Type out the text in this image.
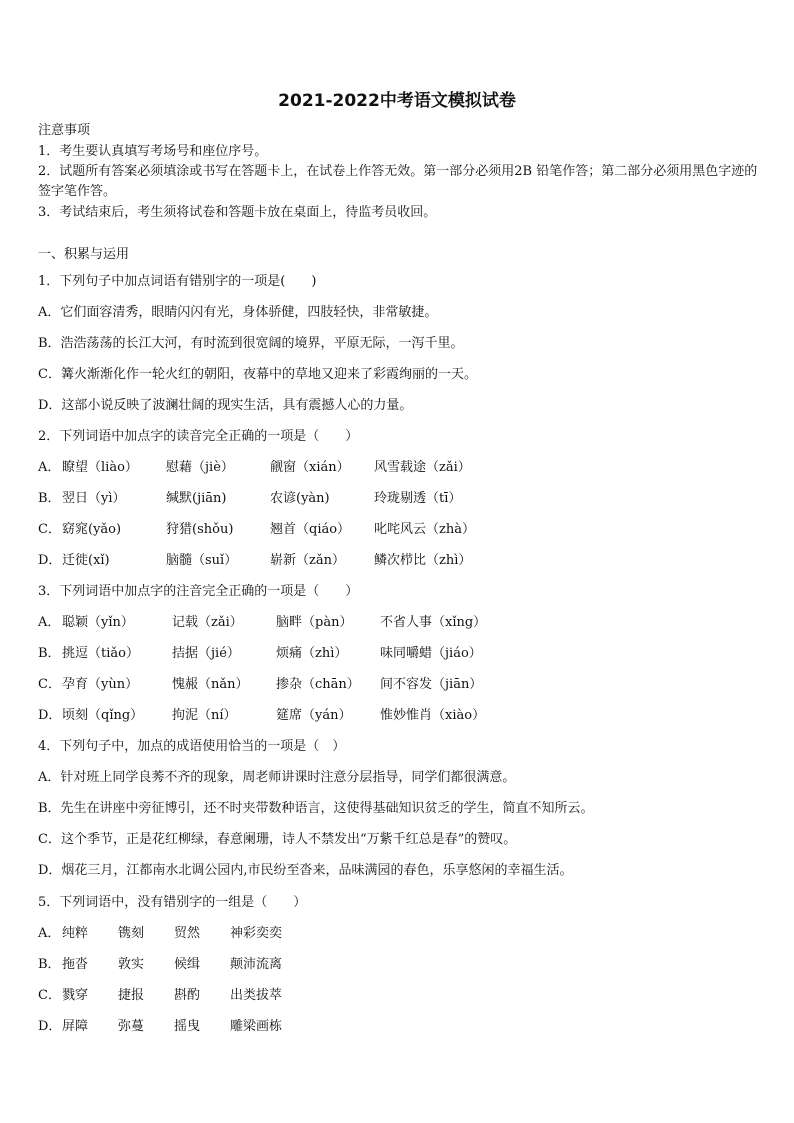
2021-2022中考语文模拟试卷
注意事项
1．考生要认真填写考场号和座位序号。
2．试题所有答案必须填涂或书写在答题卡上，在试卷上作答无效。第一部分必须用2B 铅笔作答；第二部分必须用黑色字迹的签字笔作答。
3．考试结束后，考生须将试卷和答题卡放在桌面上，待监考员收回。
一、积累与运用
1．下列句子中加点词语有错别字的一项是(　　)
A．它们面容清秀，眼睛闪闪有光，身体骄健，四肢轻快，非常敏捷。
B．浩浩荡荡的长江大河，有时流到很宽阔的境界，平原无际，一泻千里。
C．篝火渐渐化作一轮火红的朝阳，夜幕中的草地又迎来了彩霞绚丽的一天。
D．这部小说反映了波澜壮阔的现实生活，具有震撼人心的力量。
2．下列词语中加点字的读音完全正确的一项是（　　）
A． 瞭望（liào）	慰藉（jiè）	觎窗（xián）	风雪载途（zǎi）
B． 翌日（yì）	缄默(jiān)	农谚(yàn)	玲珑剔透（tī）
C． 窈窕(yǎo)	狩猎(shǒu)	翘首（qiáo）	叱咤风云（zhà）
D． 迁徙(xǐ)	脑髓（suǐ）	崭新（zǎn）	鳞次栉比（zhì）
3．下列词语中加点字的注音完全正确的一项是（　　）
A． 聪颖（yǐn）	记载（zǎi）	脑畔（pàn）	不省人事（xǐng）
B． 挑逗（tiǎo）	拮据（jié）	烦痛（zhì）	味同嚼蜡（jiáo）
C． 孕育（yùn）	愧赧（nǎn）	掺杂（chān）	间不容发（jiān）
D． 顷刻（qǐng）	拘泥（ní）	筵席（yán）	惟妙惟肖（xiào）
4．下列句子中，加点的成语使用恰当的一项是（　）
A．针对班上同学良莠不齐的现象，周老师讲课时注意分层指导，同学们都很满意。
B．先生在讲座中旁征博引，还不时夹带数种语言，这使得基础知识贫乏的学生，简直不知所云。
C．这个季节，正是花红柳绿，春意阑珊，诗人不禁发出“万紫千红总是春”的赞叹。
D．烟花三月，江都南水北调公园内,市民纷至沓来，品味满园的春色，乐享悠闲的幸福生活。
5．下列词语中，没有错别字的一组是（　　）
A． 纯粹	镌刻	贸然	神彩奕奕
B． 拖沓	敦实	候缉	颠沛流离
C． 戮穿	捷报	斟酌	出类拔萃
D． 屏障	弥蔓	摇曳	雕梁画栋
